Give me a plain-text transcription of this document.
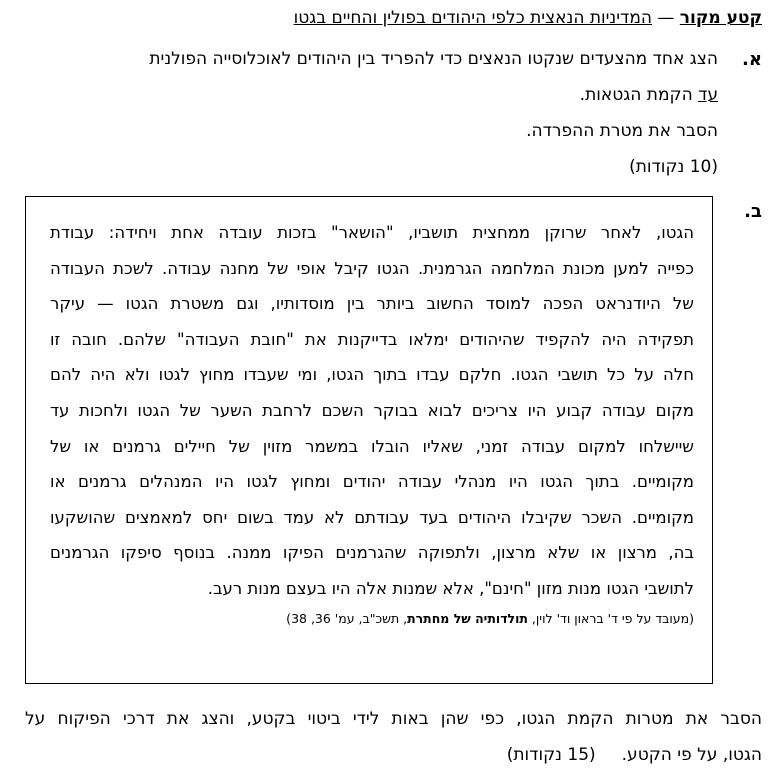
קטע מקור — המדיניות הנאצית כלפי היהודים בפולין והחיים בגטו
א.
הצג אחד מהצעדים שנקטו הנאצים כדי להפריד בין היהודים לאוכלוסייה הפולנית
עד הקמת הגטאות.
הסבר את מטרת ההפרדה.
(10 נקודות)
ב.
הגטו, לאחר שרוקן ממחצית תושביו, "הושאר" בזכות עובדה אחת ויחידה: עבודת
כפייה למען מכונת המלחמה הגרמנית. הגטו קיבל אופי של מחנה עבודה. לשכת העבודה
של היודנראט הפכה למוסד החשוב ביותר בין מוסדותיו, וגם משטרת הגטו — עיקר
תפקידה היה להקפיד שהיהודים ימלאו בדייקנות את "חובת העבודה" שלהם. חובה זו
חלה על כל תושבי הגטו. חלקם עבדו בתוך הגטו, ומי שעבדו מחוץ לגטו ולא היה להם
מקום עבודה קבוע היו צריכים לבוא בבוקר השכם לרחבת השער של הגטו ולחכות עד
שיישלחו למקום עבודה זמני, שאליו הובלו במשמר מזוין של חיילים גרמנים או של
מקומיים. בתוך הגטו היו מנהלי עבודה יהודים ומחוץ לגטו היו המנהלים גרמנים או
מקומיים. השכר שקיבלו היהודים בעד עבודתם לא עמד בשום יחס למאמצים שהושקעו
בה, מרצון או שלא מרצון, ולתפוקה שהגרמנים הפיקו ממנה. בנוסף סיפקו הגרמנים
לתושבי הגטו מנות מזון "חינם", אלא שמנות אלה היו בעצם מנות רעב.
(מעובד על פי ד' בראון וד' לוין, תולדותיה של מחתרת, תשכ"ב, עמ' 36, 38)
הסבר את מטרות הקמת הגטו, כפי שהן באות לידי ביטוי בקטע, והצג את דרכי הפיקוח על
הגטו, על פי הקטע.(15 נקודות)
